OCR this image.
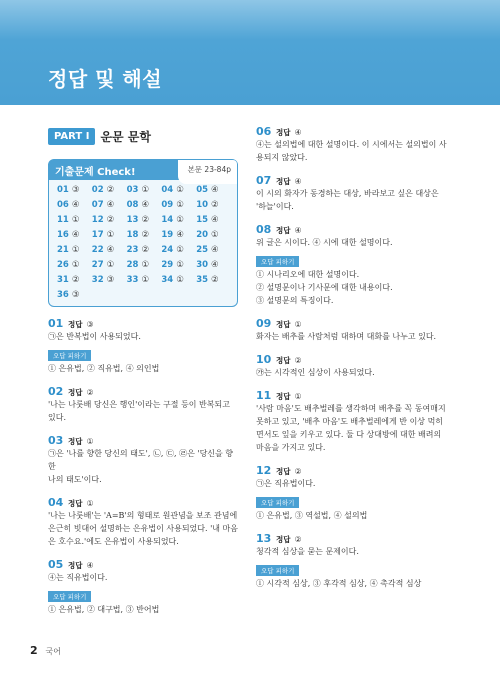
정답 및 해설
PART Ⅰ 운문 문학
기출문제 Check!	본문 23-84p
01 ③	02 ②	03 ①	04 ①	05 ④
06 ④	07 ④	08 ④	09 ①	10 ②
11 ①	12 ②	13 ②	14 ①	15 ④
16 ④	17 ①	18 ②	19 ④	20 ①
21 ①	22 ④	23 ②	24 ①	25 ④
26 ①	27 ①	28 ①	29 ①	30 ④
31 ②	32 ③	33 ①	34 ①	35 ②
36 ③
01 정답 ③
㉠은 반복법이 사용되었다.
오답 피하기
① 은유법, ② 직유법, ④ 의인법
02 정답 ②
'나는 나룻배 당신은 행인'이라는 구절 등이 반복되고 있다.
03 정답 ①
㉠은 '나를 향한 당신의 태도', ㉡, ㉢, ㉣은 '당신을 향한
나의 태도'이다.
04 정답 ①
'나는 나룻배'는 'A=B'의 형태로 원관념을 보조 관념에
은근히 빗대어 설명하는 은유법이 사용되었다. '내 마음
은 호수요.'에도 은유법이 사용되었다.
05 정답 ④
④는 직유법이다.
오답 피하기
① 은유법, ② 대구법, ③ 반어법
06 정답 ④
④는 설의법에 대한 설명이다. 이 시에서는 설의법이 사
용되지 않았다.
07 정답 ④
이 시의 화자가 동경하는 대상, 바라보고 싶은 대상은
'하늘'이다.
08 정답 ④
위 글은 시이다. ④ 시에 대한 설명이다.
오답 피하기
① 시나리오에 대한 설명이다.
② 설명문이나 기사문에 대한 내용이다.
③ 설명문의 특징이다.
09 정답 ①
화자는 배추를 사람처럼 대하며 대화를 나누고 있다.
10 정답 ②
㉮는 시각적인 심상이 사용되었다.
11 정답 ①
'사람 마음'도 배추벌레를 생각하며 배추를 꼭 동여매지
못하고 있고, '배추 마음'도 배추벌레에게 반 이상 먹히
면서도 잎을 키우고 있다. 둘 다 상대방에 대한 배려의
마음을 가지고 있다.
12 정답 ②
㉠은 직유법이다.
오답 피하기
① 은유법, ③ 역설법, ④ 설의법
13 정답 ②
청각적 심상을 묻는 문제이다.
오답 피하기
① 시각적 심상, ③ 후각적 심상, ④ 촉각적 심상
2 국어
